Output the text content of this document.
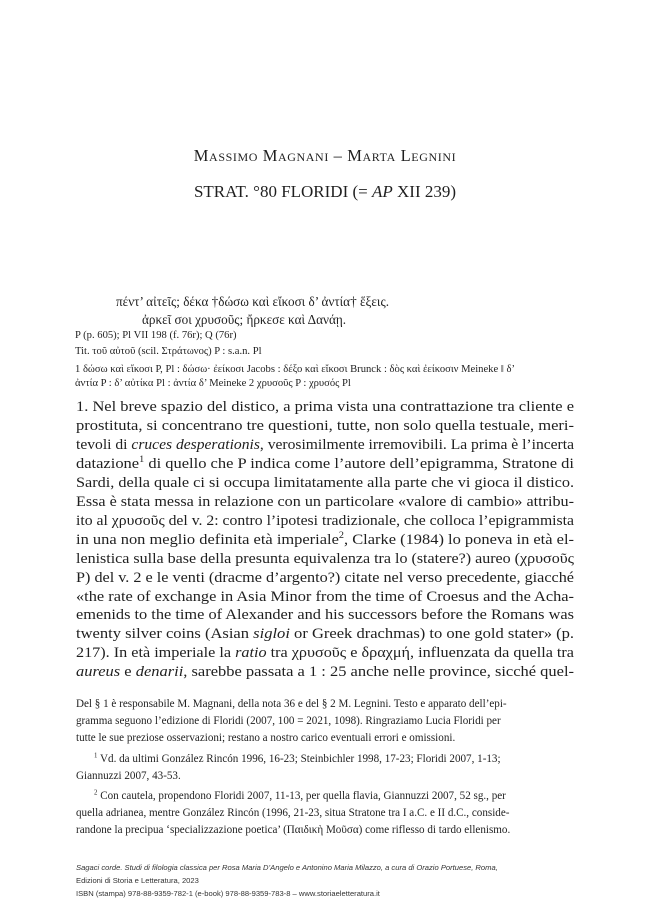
Massimo Magnani – Marta Legnini
STRAT. °80 FLORIDI (= AP XII 239)
πέντ’ αἰτεῖς; δέκα †δώσω καὶ εἴκοσι δ’ ἀντία† ἕξεις.
ἀρκεῖ σοι χρυσοῦς; ἤρκεσε καὶ Δανάῃ.
P (p. 605); Pl VII 198 (f. 76r); Q (76r)
Tit. τοῦ αὐτοῦ (scil. Στράτωνος) P : s.a.n. Pl
1 δώσω καὶ εἴκοσι P, Pl : δώσω· ἐείκοσι Jacobs : δέξο καὶ εἴκοσι Brunck : δὸς καὶ ἐείκοσιν Meineke ‖ δ’
ἀντία P : δ’ αὐτίκα Pl : ἀντία δ’ Meineke 2 χρυσοῦς P : χρυσός Pl
1. Nel breve spazio del distico, a prima vista una contrattazione tra cliente e
prostituta, si concentrano tre questioni, tutte, non solo quella testuale, meri-
tevoli di cruces desperationis, verosimilmente irremovibili. La prima è l’incerta
datazione$^1$ di quello che P indica come l’autore dell’epigramma, Stratone di
Sardi, della quale ci si occupa limitatamente alla parte che vi gioca il distico.
Essa è stata messa in relazione con un particolare «valore di cambio» attribu-
ito al χρυσοῦς del v. 2: contro l’ipotesi tradizionale, che colloca l’epigrammista
in una non meglio definita età imperiale$^2$, Clarke (1984) lo poneva in età el-
lenistica sulla base della presunta equivalenza tra lo (statere?) aureo (χρυσοῦς
P) del v. 2 e le venti (dracme d’argento?) citate nel verso precedente, giacché
«the rate of exchange in Asia Minor from the time of Croesus and the Acha-
emenids to the time of Alexander and his successors before the Romans was
twenty silver coins (Asian sigloi or Greek drachmas) to one gold stater» (p.
217). In età imperiale la ratio tra χρυσοῦς e δραχμή, influenzata da quella tra
aureus e denarii, sarebbe passata a 1 : 25 anche nelle province, sicché quel-
Del § 1 è responsabile M. Magnani, della nota 36 e del § 2 M. Legnini. Testo e apparato dell’epi-
gramma seguono l’edizione di Floridi (2007, 100 = 2021, 1098). Ringraziamo Lucia Floridi per
tutte le sue preziose osservazioni; restano a nostro carico eventuali errori e omissioni.
$^1$ Vd. da ultimi González Rincón 1996, 16-23; Steinbichler 1998, 17-23; Floridi 2007, 1-13;
Giannuzzi 2007, 43-53.
$^2$ Con cautela, propendono Floridi 2007, 11-13, per quella flavia, Giannuzzi 2007, 52 sg., per
quella adrianea, mentre González Rincón (1996, 21-23, situa Stratone tra I a.C. e II d.C., conside-
randone la precipua ‘specializzazione poetica’ (Παιδικὴ Μοῦσα) come riflesso di tardo ellenismo.
Sagaci corde. Studi di filologia classica per Rosa Maria D’Angelo e Antonino Maria Milazzo, a cura di Orazio Portuese, Roma,
Edizioni di Storia e Letteratura, 2023
ISBN (stampa) 978-88-9359-782-1 (e-book) 978-88-9359-783-8 – www.storiaeletteratura.it
